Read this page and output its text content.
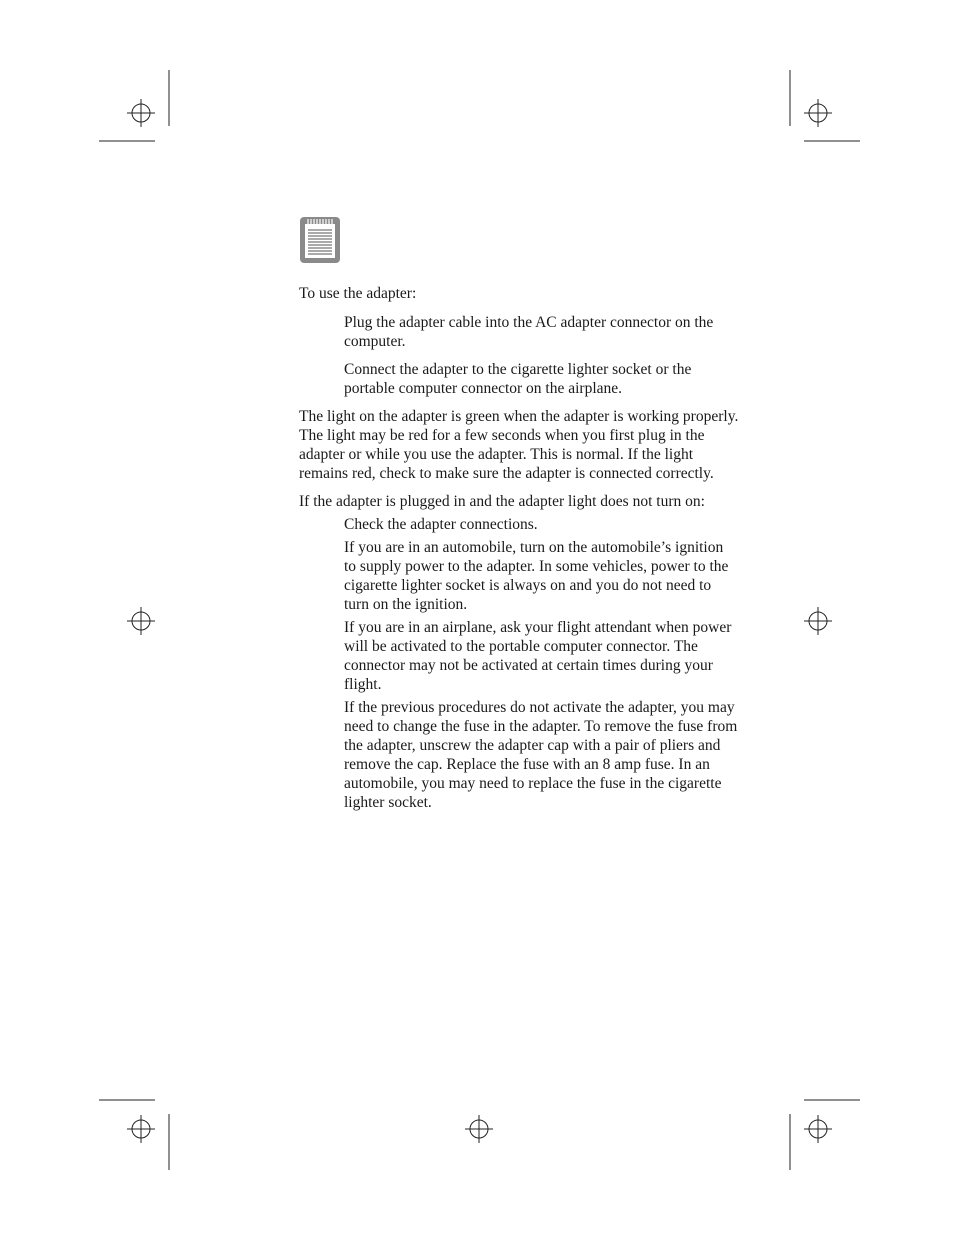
To use the adapter:

Plug the adapter cable into the AC adapter connector on the computer.

Connect the adapter to the cigarette lighter socket or the portable computer connector on the airplane.

The light on the adapter is green when the adapter is working properly. The light may be red for a few seconds when you first plug in the adapter or while you use the adapter. This is normal. If the light remains red, check to make sure the adapter is connected correctly.

If the adapter is plugged in and the adapter light does not turn on:

Check the adapter connections.

If you are in an automobile, turn on the automobile’s ignition to supply power to the adapter. In some vehicles, power to the cigarette lighter socket is always on and you do not need to turn on the ignition.

If you are in an airplane, ask your flight attendant when power will be activated to the portable computer connector. The connector may not be activated at certain times during your flight.

If the previous procedures do not activate the adapter, you may need to change the fuse in the adapter. To remove the fuse from the adapter, unscrew the adapter cap with a pair of pliers and remove the cap. Replace the fuse with an 8 amp fuse. In an automobile, you may need to replace the fuse in the cigarette lighter socket.
